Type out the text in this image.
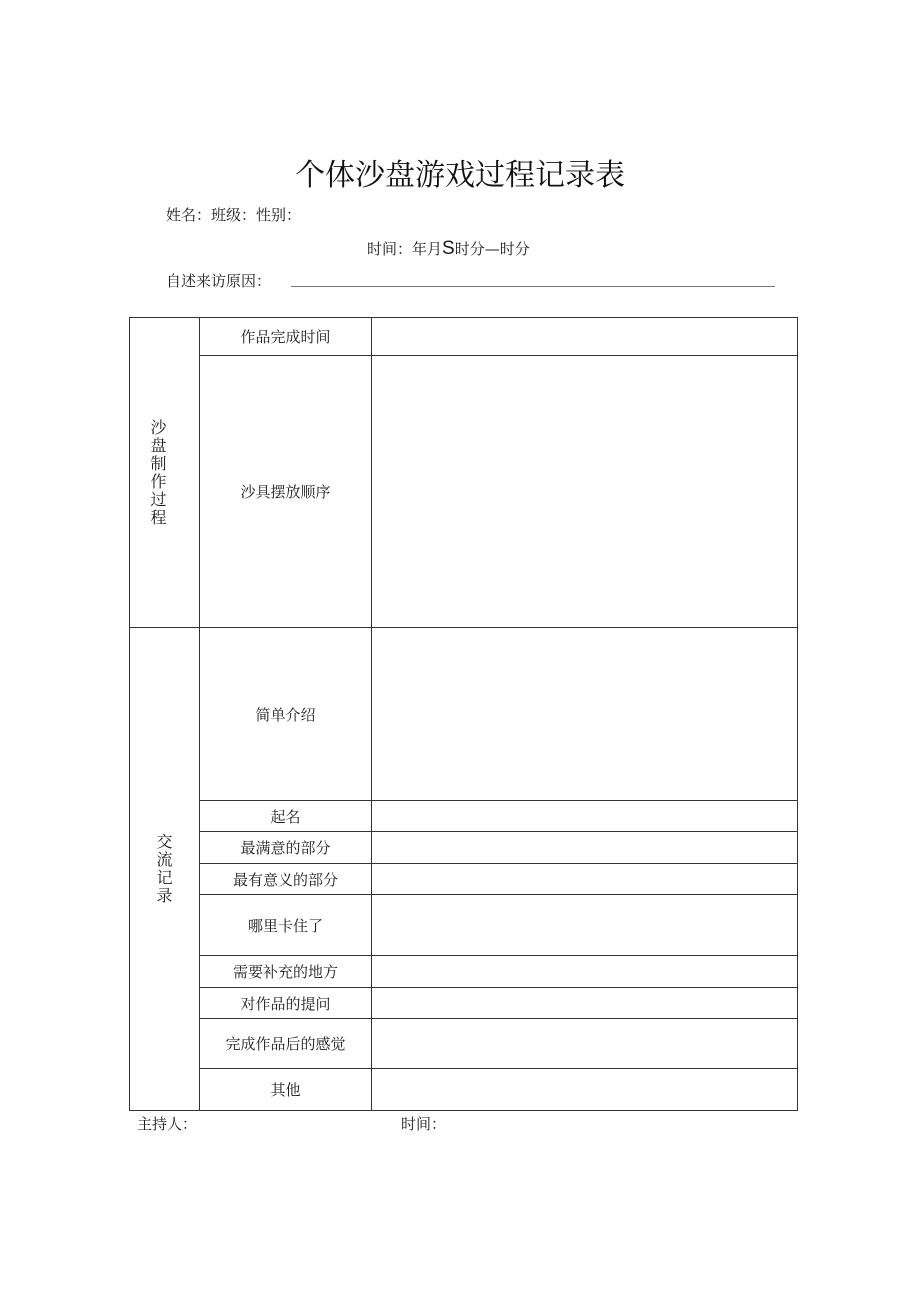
个体沙盘游戏过程记录表
姓名：班级：性别：
时间：年月S时分—时分
自述来访原因：
沙盘制作过程	作品完成时间	
	沙具摆放顺序	
交流记录	简单介绍	
	起名	
	最满意的部分	
	最有意义的部分	
	哪里卡住了	
	需要补充的地方	
	对作品的提问	
	完成作品后的感觉	
	其他	
主持人：	时间：
